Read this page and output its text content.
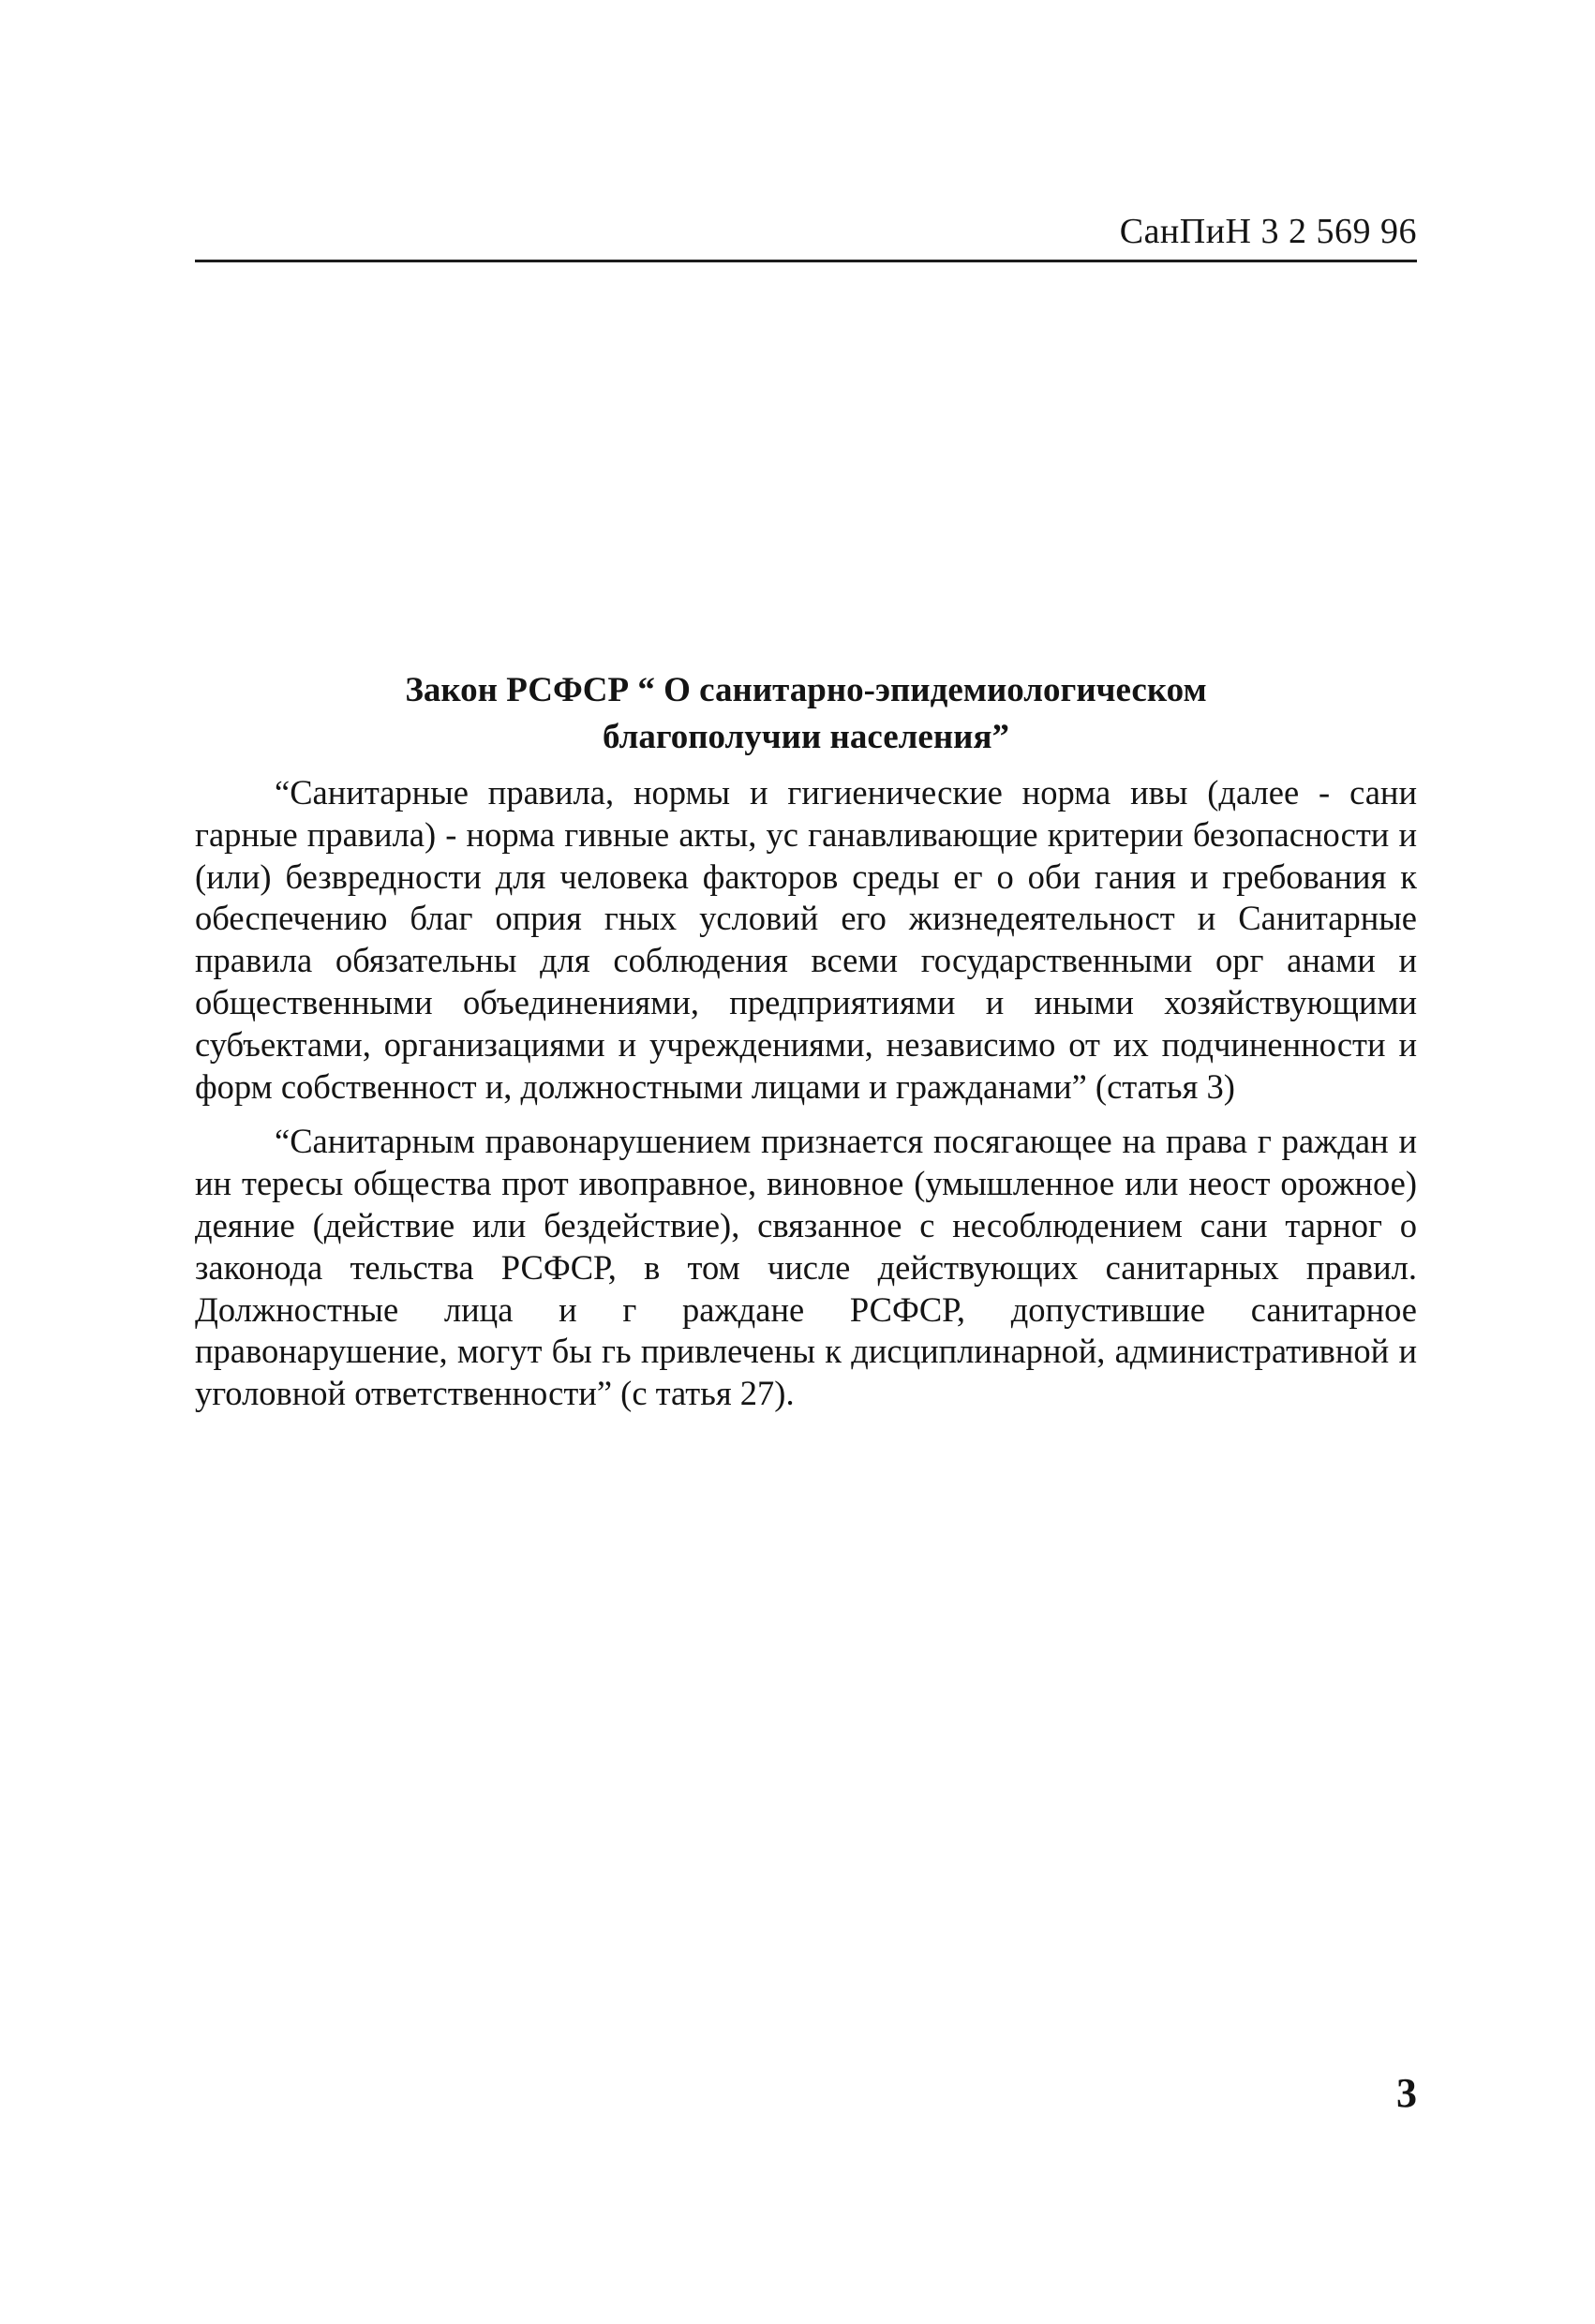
СанПиН 3 2 569 96
Закон РСФСР “ О санитарно-эпидемиологическом
благополучии населения”

“Санитарные правила, нормы и гигиенические норма ивы (далее - сани гарные правила) - норма гивные акты, ус ганавливающие критерии безопасности и (или) безвредности для человека факторов среды ег о оби гания и гребования к обеспечению благ оприя гных условий его жизнедеятельност и Санитарные правила обязательны для соблюдения всеми государственными орг анами и общественными объединениями, предприятиями и иными хозяйствующими субъектами, организациями и учреждениями, независимо от их подчиненности и форм собственност и, должностными лицами и гражданами” (статья 3)

“Санитарным правонарушением признается посягающее на права г раждан и ин тересы общества прот ивоправное, виновное (умышленное или неост орожное) деяние (действие или бездействие), связанное с несоблюдением сани тарног о законода тельства РСФСР, в том числе действующих санитарных правил. Должностные лица и г раждане РСФСР, допустившие санитарное правонарушение, могут бы гь привлечены к дисциплинарной, административной и уголовной ответственности” (с татья 27).

3
